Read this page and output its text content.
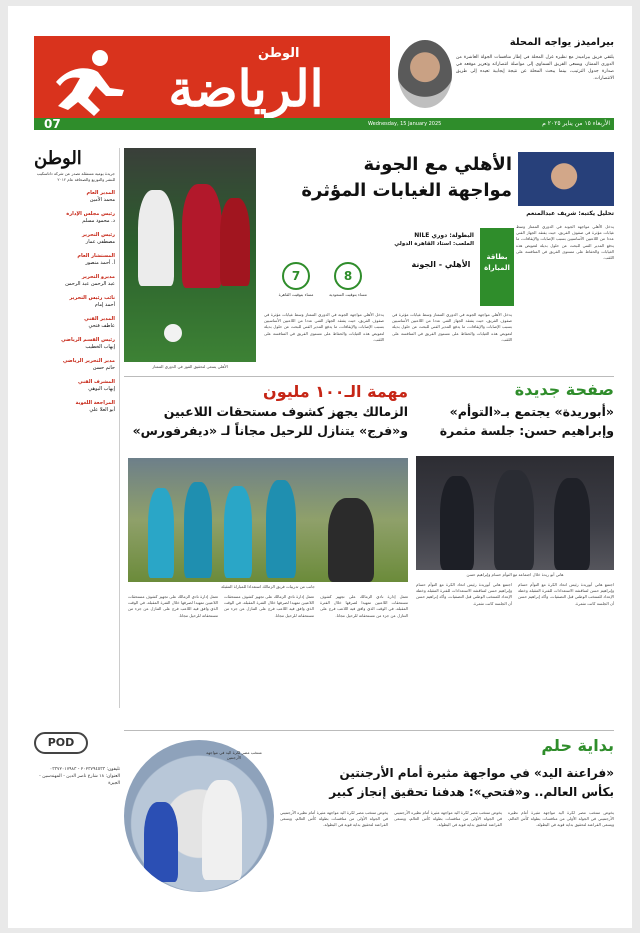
الرياضة
الوطن
07	Wednesday, 15 January 2025	الأربعاء ١٥ من يناير ٢٠٢٥ م
بيراميدز يواجه المحلة
يلتقي فريق بيراميدز مع نظيره غزل المحلة في إطار منافسات الجولة العاشرة من الدوري الممتاز، ويسعى الفريق السماوي إلى مواصلة انتصاراته وتعزيز موقعه في صدارة جدول الترتيب، بينما يبحث المحلة عن نتيجة إيجابية تعيده إلى طريق الانتصارات.
الوطن
جريدة يومية مستقلة تصدر عن شركة داتاسكيب للنشر والتوزيع والصحافة عام ٢٠١٢
المدير العام
محمد الأمين
رئيس مجلس الإدارة
د. محمود مسلم
رئيس التحرير
مصطفى عمار
المستشار العام
أ. أحمد منصور
مديرو التحرير
عبد الرحمن عبد الرحمن
نائب رئيس التحرير
أحمد إمام
المدير الفني
عاطف فتحي
رئيس القسم الرياضي
إيهاب الخطيب
مدير التحرير الرياضي
حاتم حسن
المشرف الفني
إيهاب البوهي
المراجعة اللغوية
أبو العلا علي
POD
تليفون: ٢٠٢٣٧٩٤٥٣٣ - ٠٣٣٧٢٠١٧٩٨٣ العنوان: ١٨ شارع ناصر الدين - المهندسين - الجيزة
الأهلي يسعى لتحقيق الفوز في الدوري الممتاز
الأهلي مع الجونة
مواجهة الغيابات المؤثرة
تحليل يكتبه: شريف عبدالمنعم
بطاقة المباراة
البطولة: دوري NILE
الملعب: استاد القاهرة الدولي
الأهلي - الجونة
8
7
مساء بتوقيت السعودية
مساء بتوقيت القاهرة
يدخل الأهلي مواجهة الجونة في الدوري الممتاز وسط غيابات مؤثرة في صفوف الفريق، حيث يفتقد الجهاز الفني عددا من اللاعبين الأساسيين بسبب الإصابات والإيقافات، ما يدفع المدير الفني للبحث عن حلول بديلة لتعويض هذه الغيابات والحفاظ على مستوى الفريق في المنافسة على اللقب.
يدخل الأهلي مواجهة الجونة في الدوري الممتاز وسط غيابات مؤثرة في صفوف الفريق، حيث يفتقد الجهاز الفني عددا من اللاعبين الأساسيين بسبب الإصابات والإيقافات، ما يدفع المدير الفني للبحث عن حلول بديلة لتعويض هذه الغيابات والحفاظ على مستوى الفريق في المنافسة على اللقب.
يدخل الأهلي مواجهة الجونة في الدوري الممتاز وسط غيابات مؤثرة في صفوف الفريق، حيث يفتقد الجهاز الفني عددا من اللاعبين الأساسيين بسبب الإصابات والإيقافات، ما يدفع المدير الفني للبحث عن حلول بديلة لتعويض هذه الغيابات والحفاظ على مستوى الفريق في المنافسة على اللقب.
صفحة جديدة
«أبوريدة» يجتمع بـ«التوأم»
وإبراهيم حسن: جلسة مثمرة
هاني أبو ريدة خلال اجتماعه مع التوأم حسام وإبراهيم حسن
اجتمع هاني أبوريدة رئيس اتحاد الكرة مع التوأم حسام وإبراهيم حسن لمناقشة الاستعدادات للفترة المقبلة وخطة الإعداد للمنتخب الوطني قبل التصفيات، وأكد إبراهيم حسن أن الجلسة كانت مثمرة.
اجتمع هاني أبوريدة رئيس اتحاد الكرة مع التوأم حسام وإبراهيم حسن لمناقشة الاستعدادات للفترة المقبلة وخطة الإعداد للمنتخب الوطني قبل التصفيات، وأكد إبراهيم حسن أن الجلسة كانت مثمرة.
مهمة الـ١٠٠ مليون
الزمالك يجهز كشوف مستحقات اللاعبين
و«فرج» يتنازل للرحيل مجاناً لـ «ديفرفورس»
جانب من تدريبات فريق الزمالك استعدادا للمباراة المقبلة
تعمل إدارة نادي الزمالك على تجهيز كشوف مستحقات اللاعبين تمهيدا لصرفها خلال الفترة المقبلة، في الوقت الذي وافق فيه اللاعب فرج على التنازل عن جزء من مستحقاته للرحيل مجانا.
تعمل إدارة نادي الزمالك على تجهيز كشوف مستحقات اللاعبين تمهيدا لصرفها خلال الفترة المقبلة، في الوقت الذي وافق فيه اللاعب فرج على التنازل عن جزء من مستحقاته للرحيل مجانا.
تعمل إدارة نادي الزمالك على تجهيز كشوف مستحقات اللاعبين تمهيدا لصرفها خلال الفترة المقبلة، في الوقت الذي وافق فيه اللاعب فرج على التنازل عن جزء من مستحقاته للرحيل مجانا.
بداية حلم
«فراعنة اليد» في مواجهة مثيرة أمام الأرجنتين
بكأس العالم.. و«فتحي»: هدفنا تحقيق إنجاز كبير
منتخب مصر لكرة اليد في مواجهة الأرجنتين
يخوض منتخب مصر لكرة اليد مواجهة مثيرة أمام نظيره الأرجنتيني في الجولة الأولى من منافسات بطولة كأس العالم، ويسعى الفراعنة لتحقيق بداية قوية في البطولة.
يخوض منتخب مصر لكرة اليد مواجهة مثيرة أمام نظيره الأرجنتيني في الجولة الأولى من منافسات بطولة كأس العالم، ويسعى الفراعنة لتحقيق بداية قوية في البطولة.
يخوض منتخب مصر لكرة اليد مواجهة مثيرة أمام نظيره الأرجنتيني في الجولة الأولى من منافسات بطولة كأس العالم، ويسعى الفراعنة لتحقيق بداية قوية في البطولة.
